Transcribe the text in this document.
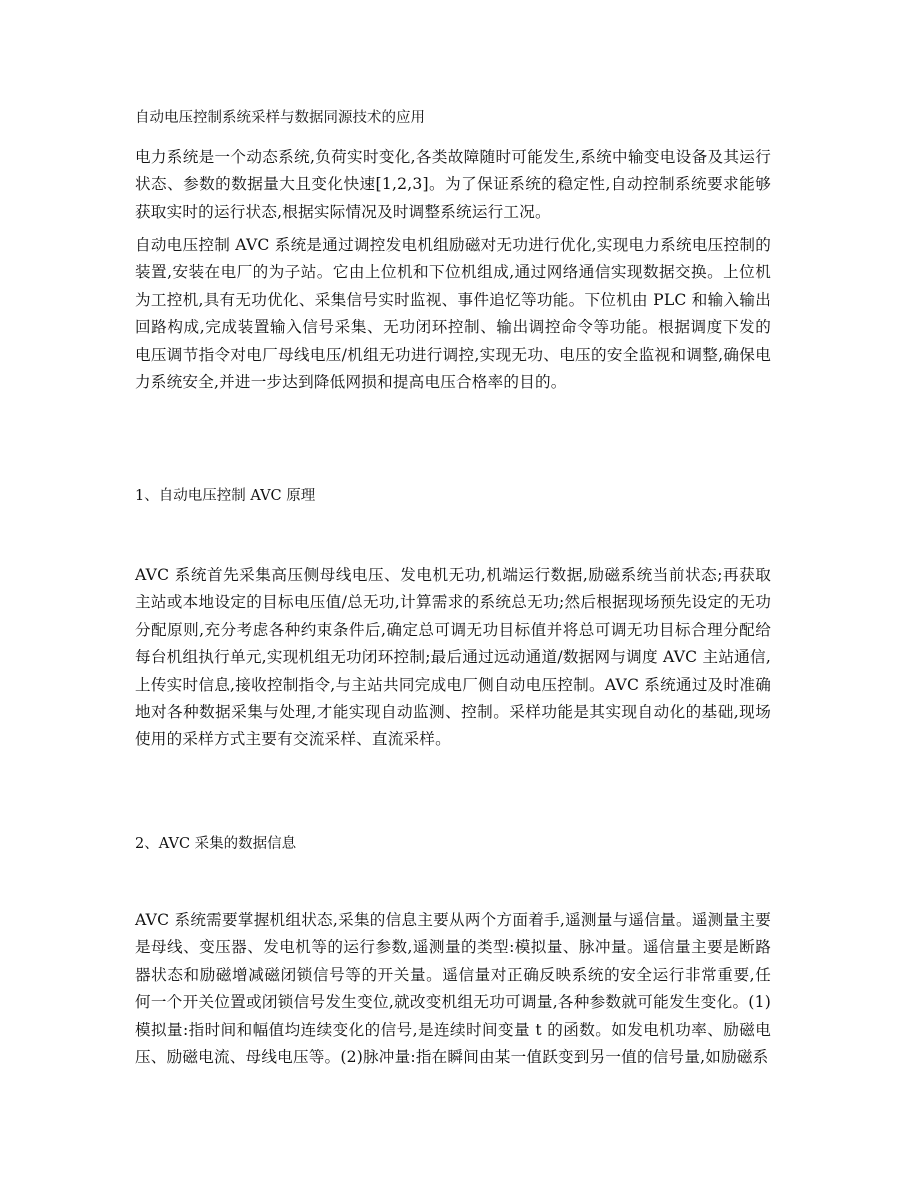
自动电压控制系统采样与数据同源技术的应用

电力系统是一个动态系统,负荷实时变化,各类故障随时可能发生,系统中输变电设备及其运行状态、参数的数据量大且变化快速[1,2,3]。为了保证系统的稳定性,自动控制系统要求能够获取实时的运行状态,根据实际情况及时调整系统运行工况。

自动电压控制 AVC 系统是通过调控发电机组励磁对无功进行优化,实现电力系统电压控制的装置,安装在电厂的为子站。它由上位机和下位机组成,通过网络通信实现数据交换。上位机为工控机,具有无功优化、采集信号实时监视、事件追忆等功能。下位机由 PLC 和输入输出回路构成,完成装置输入信号采集、无功闭环控制、输出调控命令等功能。根据调度下发的电压调节指令对电厂母线电压/机组无功进行调控,实现无功、电压的安全监视和调整,确保电力系统安全,并进一步达到降低网损和提高电压合格率的目的。

1、自动电压控制 AVC 原理

AVC 系统首先采集高压侧母线电压、发电机无功,机端运行数据,励磁系统当前状态;再获取主站或本地设定的目标电压值/总无功,计算需求的系统总无功;然后根据现场预先设定的无功分配原则,充分考虑各种约束条件后,确定总可调无功目标值并将总可调无功目标合理分配给每台机组执行单元,实现机组无功闭环控制;最后通过远动通道/数据网与调度 AVC 主站通信,上传实时信息,接收控制指令,与主站共同完成电厂侧自动电压控制。AVC 系统通过及时准确地对各种数据采集与处理,才能实现自动监测、控制。采样功能是其实现自动化的基础,现场使用的采样方式主要有交流采样、直流采样。

2、AVC 采集的数据信息

AVC 系统需要掌握机组状态,采集的信息主要从两个方面着手,遥测量与遥信量。遥测量主要是母线、变压器、发电机等的运行参数,遥测量的类型:模拟量、脉冲量。遥信量主要是断路器状态和励磁增减磁闭锁信号等的开关量。遥信量对正确反映系统的安全运行非常重要,任何一个开关位置或闭锁信号发生变位,就改变机组无功可调量,各种参数就可能发生变化。(1)模拟量:指时间和幅值均连续变化的信号,是连续时间变量 t 的函数。如发电机功率、励磁电压、励磁电流、母线电压等。(2)脉冲量:指在瞬间由某一值跃变到另一值的信号量,如励磁系
